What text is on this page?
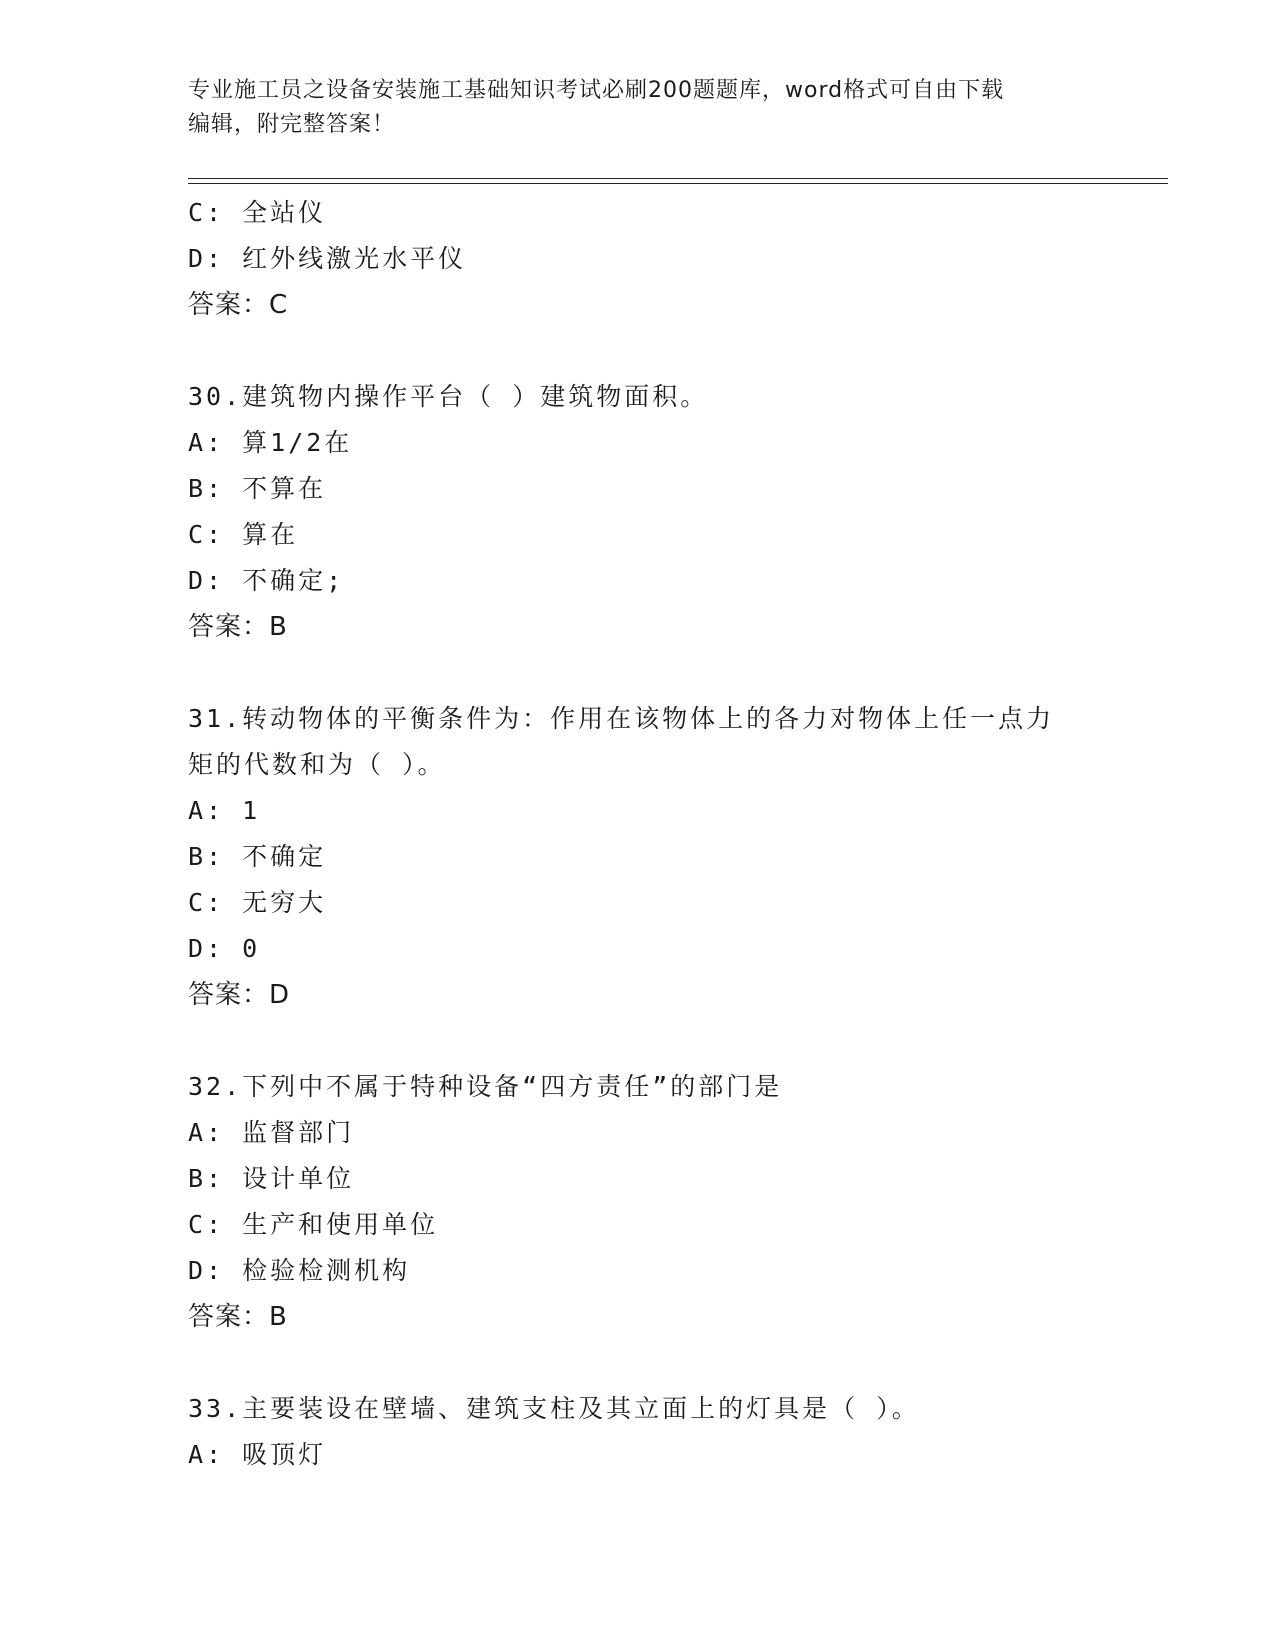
专业施工员之设备安装施工基础知识考试必刷200题题库，word格式可自由下载
编辑，附完整答案！
C: 全站仪
D: 红外线激光水平仪
答案：C
30.建筑物内操作平台（ ）建筑物面积。
A: 算1/2在
B: 不算在
C: 算在
D: 不确定;
答案：B
31.转动物体的平衡条件为：作用在该物体上的各力对物体上任一点力
矩的代数和为（ ）。
A: 1
B: 不确定
C: 无穷大
D: 0
答案：D
32.下列中不属于特种设备“四方责任”的部门是
A: 监督部门
B: 设计单位
C: 生产和使用单位
D: 检验检测机构
答案：B
33.主要装设在壁墙、建筑支柱及其立面上的灯具是（ ）。
A: 吸顶灯
